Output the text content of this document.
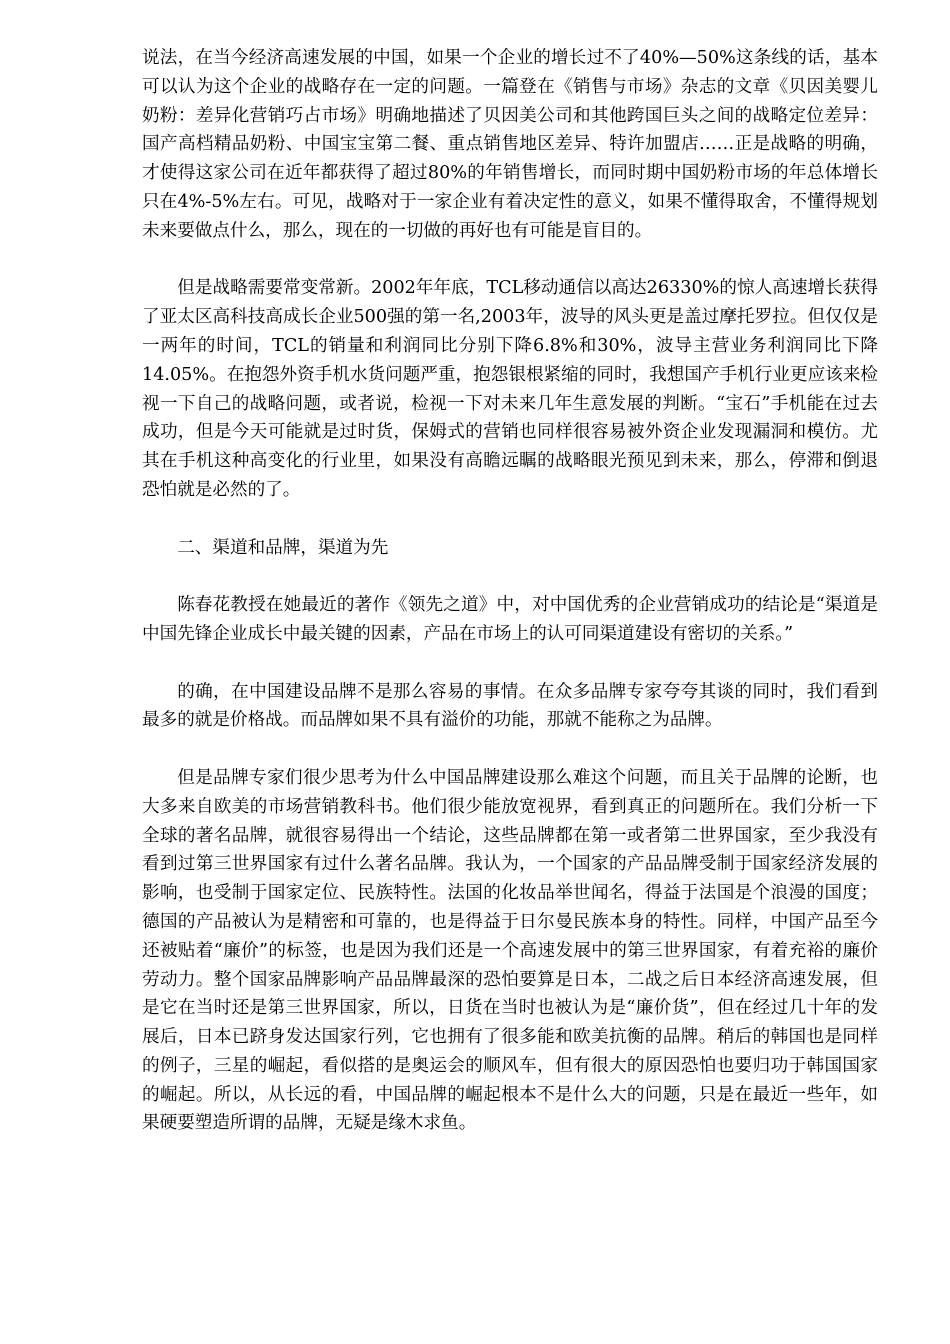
说法，在当今经济高速发展的中国，如果一个企业的增长过不了40%—50%这条线的话，基本可以认为这个企业的战略存在一定的问题。一篇登在《销售与市场》杂志的文章《贝因美婴儿奶粉：差异化营销巧占市场》明确地描述了贝因美公司和其他跨国巨头之间的战略定位差异：国产高档精品奶粉、中国宝宝第二餐、重点销售地区差异、特许加盟店……正是战略的明确，才使得这家公司在近年都获得了超过80%的年销售增长，而同时期中国奶粉市场的年总体增长只在4%-5%左右。可见，战略对于一家企业有着决定性的意义，如果不懂得取舍，不懂得规划未来要做点什么，那么，现在的一切做的再好也有可能是盲目的。

但是战略需要常变常新。2002年年底，TCL移动通信以高达26330%的惊人高速增长获得了亚太区高科技高成长企业500强的第一名,2003年，波导的风头更是盖过摩托罗拉。但仅仅是一两年的时间，TCL的销量和利润同比分别下降6.8%和30%，波导主营业务利润同比下降14.05%。在抱怨外资手机水货问题严重，抱怨银根紧缩的同时，我想国产手机行业更应该来检视一下自己的战略问题，或者说，检视一下对未来几年生意发展的判断。“宝石”手机能在过去成功，但是今天可能就是过时货，保姆式的营销也同样很容易被外资企业发现漏洞和模仿。尤其在手机这种高变化的行业里，如果没有高瞻远瞩的战略眼光预见到未来，那么，停滞和倒退恐怕就是必然的了。

二、渠道和品牌，渠道为先

陈春花教授在她最近的著作《领先之道》中，对中国优秀的企业营销成功的结论是“渠道是中国先锋企业成长中最关键的因素，产品在市场上的认可同渠道建设有密切的关系。”

的确，在中国建设品牌不是那么容易的事情。在众多品牌专家夸夸其谈的同时，我们看到最多的就是价格战。而品牌如果不具有溢价的功能，那就不能称之为品牌。

但是品牌专家们很少思考为什么中国品牌建设那么难这个问题，而且关于品牌的论断，也大多来自欧美的市场营销教科书。他们很少能放宽视界，看到真正的问题所在。我们分析一下全球的著名品牌，就很容易得出一个结论，这些品牌都在第一或者第二世界国家，至少我没有看到过第三世界国家有过什么著名品牌。我认为，一个国家的产品品牌受制于国家经济发展的影响，也受制于国家定位、民族特性。法国的化妆品举世闻名，得益于法国是个浪漫的国度；德国的产品被认为是精密和可靠的，也是得益于日尔曼民族本身的特性。同样，中国产品至今还被贴着“廉价”的标签，也是因为我们还是一个高速发展中的第三世界国家，有着充裕的廉价劳动力。整个国家品牌影响产品品牌最深的恐怕要算是日本，二战之后日本经济高速发展，但是它在当时还是第三世界国家，所以，日货在当时也被认为是“廉价货”，但在经过几十年的发展后，日本已跻身发达国家行列，它也拥有了很多能和欧美抗衡的品牌。稍后的韩国也是同样的例子，三星的崛起，看似搭的是奥运会的顺风车，但有很大的原因恐怕也要归功于韩国国家的崛起。所以，从长远的看，中国品牌的崛起根本不是什么大的问题，只是在最近一些年，如果硬要塑造所谓的品牌，无疑是缘木求鱼。
